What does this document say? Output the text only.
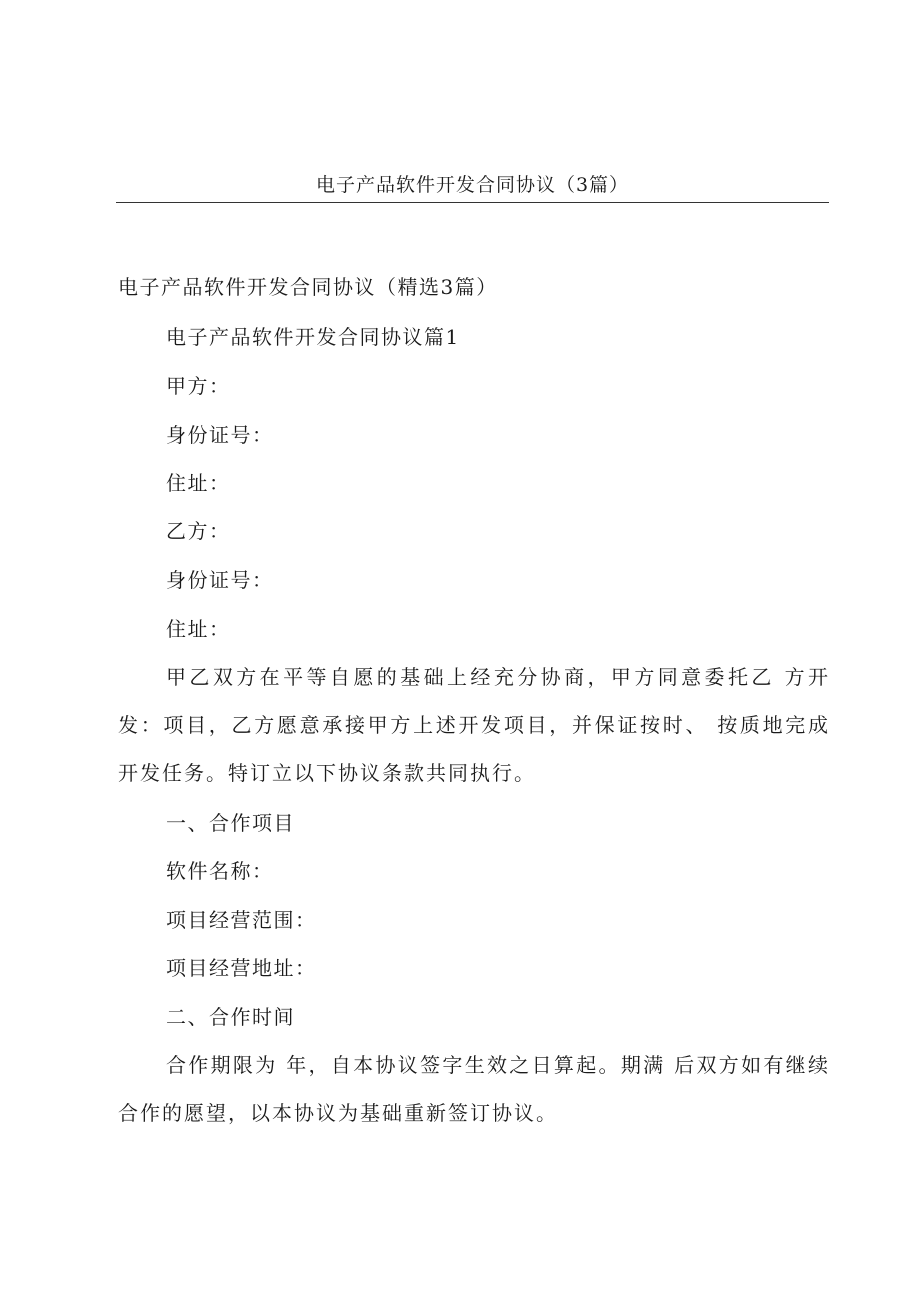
电子产品软件开发合同协议（3篇）
电子产品软件开发合同协议（精选3篇）
电子产品软件开发合同协议篇1
甲方：
身份证号：
住址：
乙方：
身份证号：
住址：
甲乙双方在平等自愿的基础上经充分协商，甲方同意委托乙 方开发：项目，乙方愿意承接甲方上述开发项目，并保证按时、 按质地完成开发任务。特订立以下协议条款共同执行。
一、合作项目
软件名称：
项目经营范围：
项目经营地址：
二、合作时间
合作期限为 年，自本协议签字生效之日算起。期满 后双方如有继续合作的愿望，以本协议为基础重新签订协议。
